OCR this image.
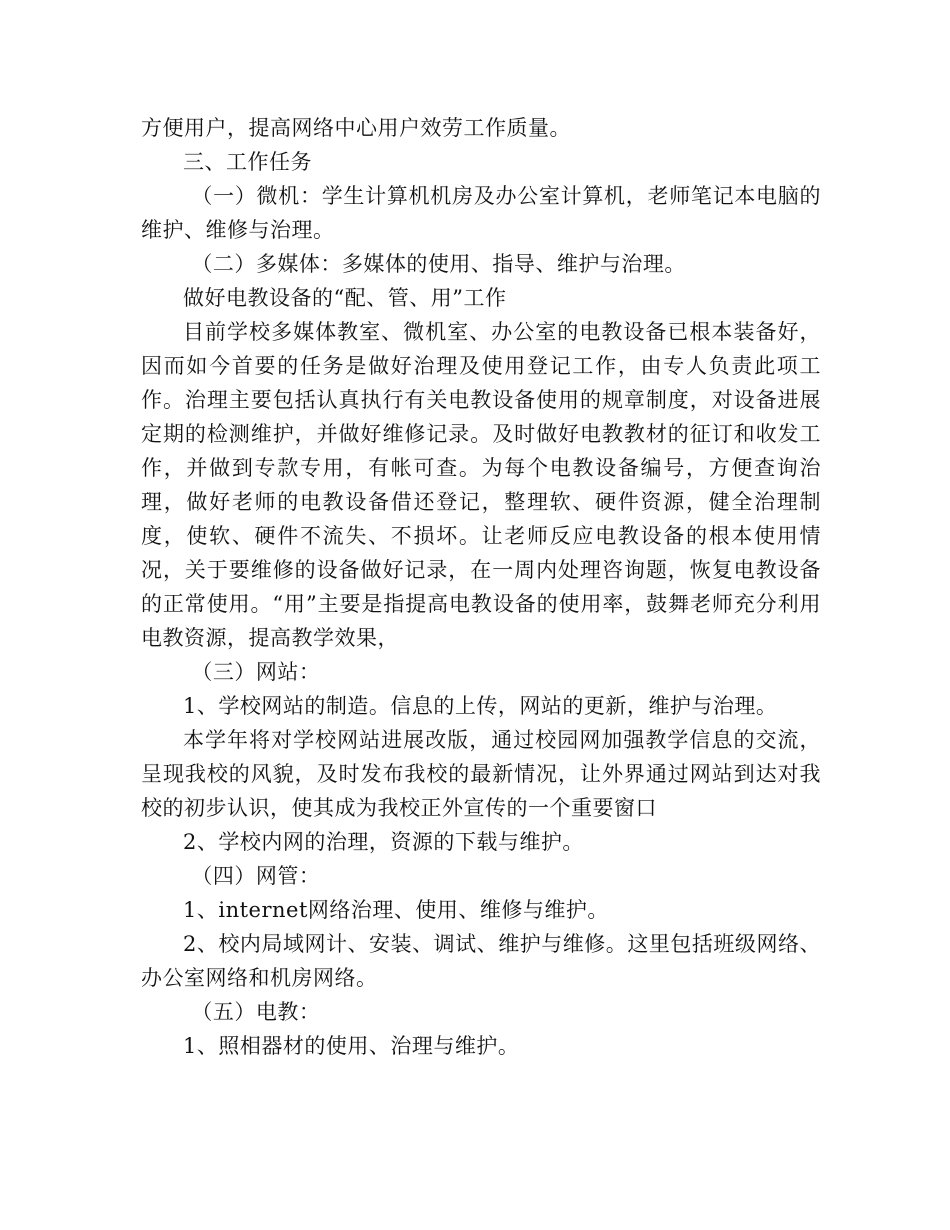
方便用户，提高网络中心用户效劳工作质量。

三、工作任务

（一）微机：学生计算机机房及办公室计算机，老师笔记本电脑的维护、维修与治理。

（二）多媒体：多媒体的使用、指导、维护与治理。

做好电教设备的“配、管、用”工作

目前学校多媒体教室、微机室、办公室的电教设备已根本装备好，因而如今首要的任务是做好治理及使用登记工作，由专人负责此项工作。治理主要包括认真执行有关电教设备使用的规章制度，对设备进展定期的检测维护，并做好维修记录。及时做好电教教材的征订和收发工作，并做到专款专用，有帐可查。为每个电教设备编号，方便查询治理，做好老师的电教设备借还登记，整理软、硬件资源，健全治理制度，使软、硬件不流失、不损坏。让老师反应电教设备的根本使用情况，关于要维修的设备做好记录，在一周内处理咨询题，恢复电教设备的正常使用。“用”主要是指提高电教设备的使用率，鼓舞老师充分利用电教资源，提高教学效果，

（三）网站：

1、学校网站的制造。信息的上传，网站的更新，维护与治理。

本学年将对学校网站进展改版，通过校园网加强教学信息的交流，呈现我校的风貌，及时发布我校的最新情况，让外界通过网站到达对我校的初步认识，使其成为我校正外宣传的一个重要窗口

2、学校内网的治理，资源的下载与维护。

（四）网管：

1、internet网络治理、使用、维修与维护。

2、校内局域网计、安装、调试、维护与维修。这里包括班级网络、办公室网络和机房网络。

（五）电教：

1、照相器材的使用、治理与维护。
